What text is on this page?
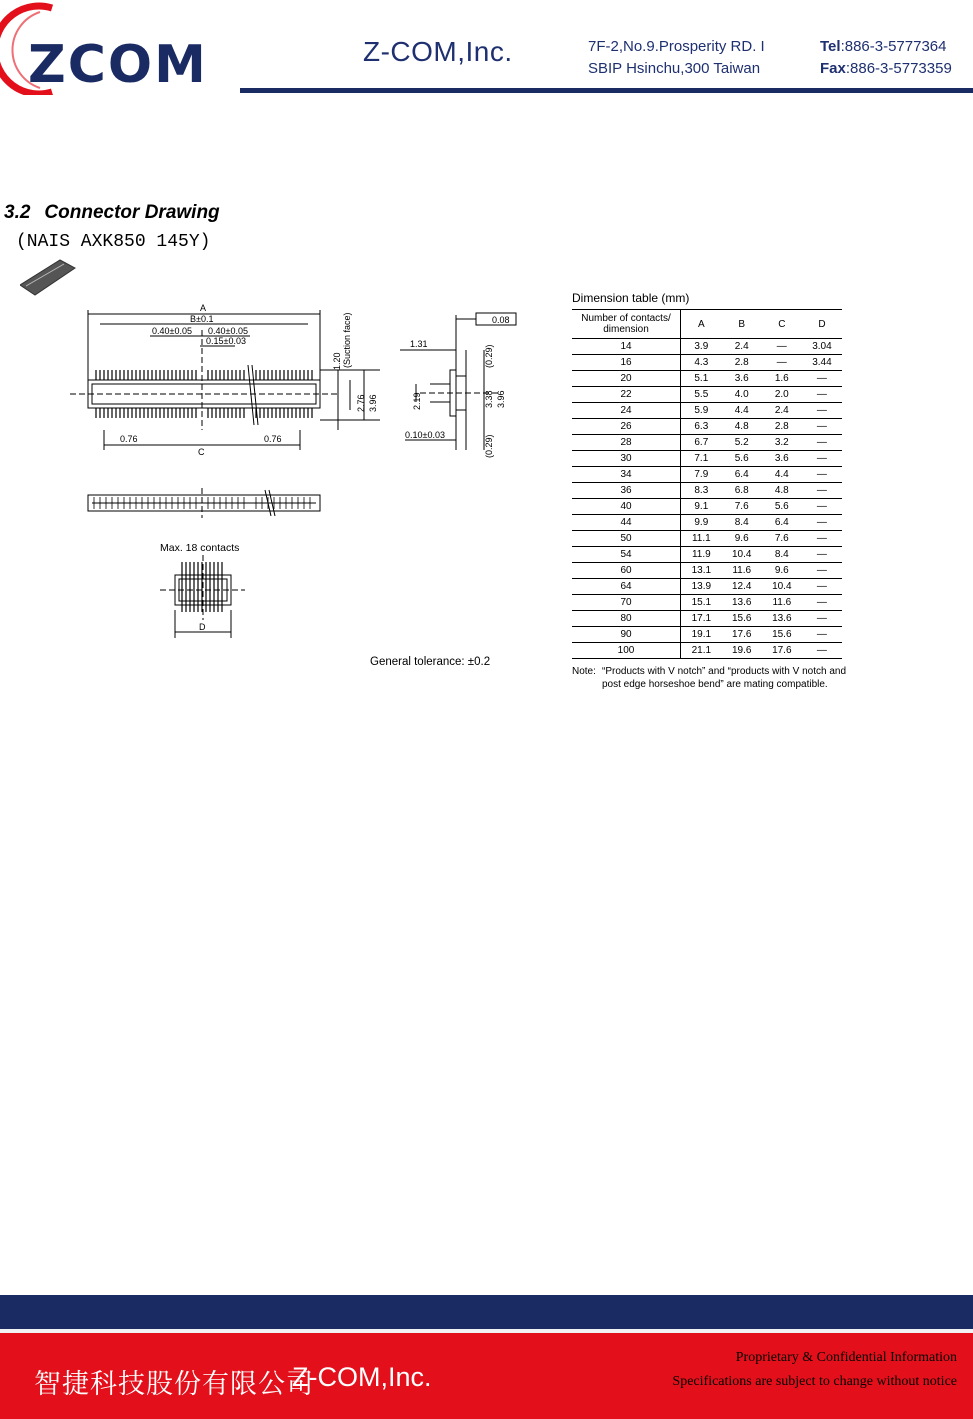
ZCOM	Z-COM,Inc.	7F-2,No.9.Prosperity RD. I
SBIP Hsinchu,300 Taiwan
Tel:886-3-5777364
Fax:886-3-5773359
3.2 Connector Drawing
(NAIS AXK850 145Y)
A
B±0.1
0.40±0.05 0.40±0.05
0.15±0.03
1.20 (Suction face)
2.76 3.96
0.76	0.76
C
1.31
0.08
(0.29)
2.19	3.38 3.96
0.10±0.03	(0.29)
Max. 18 contacts
D
General tolerance: ±0.2
Dimension table (mm)
Number of contacts/ dimension	A	B	C	D
14	3.9	2.4	—	3.04
16	4.3	2.8	—	3.44
20	5.1	3.6	1.6	—
22	5.5	4.0	2.0	—
24	5.9	4.4	2.4	—
26	6.3	4.8	2.8	—
28	6.7	5.2	3.2	—
30	7.1	5.6	3.6	—
34	7.9	6.4	4.4	—
36	8.3	6.8	4.8	—
40	9.1	7.6	5.6	—
44	9.9	8.4	6.4	—
50	11.1	9.6	7.6	—
54	11.9	10.4	8.4	—
60	13.1	11.6	9.6	—
64	13.9	12.4	10.4	—
70	15.1	13.6	11.6	—
80	17.1	15.6	13.6	—
90	19.1	17.6	15.6	—
100	21.1	19.6	17.6	—
Note: “Products with V notch” and “products with V notch and post edge horseshoe bend” are mating compatible.
智捷科技股份有限公司
Z-COM,Inc.
Proprietary & Confidential Information
Specifications are subject to change without notice
